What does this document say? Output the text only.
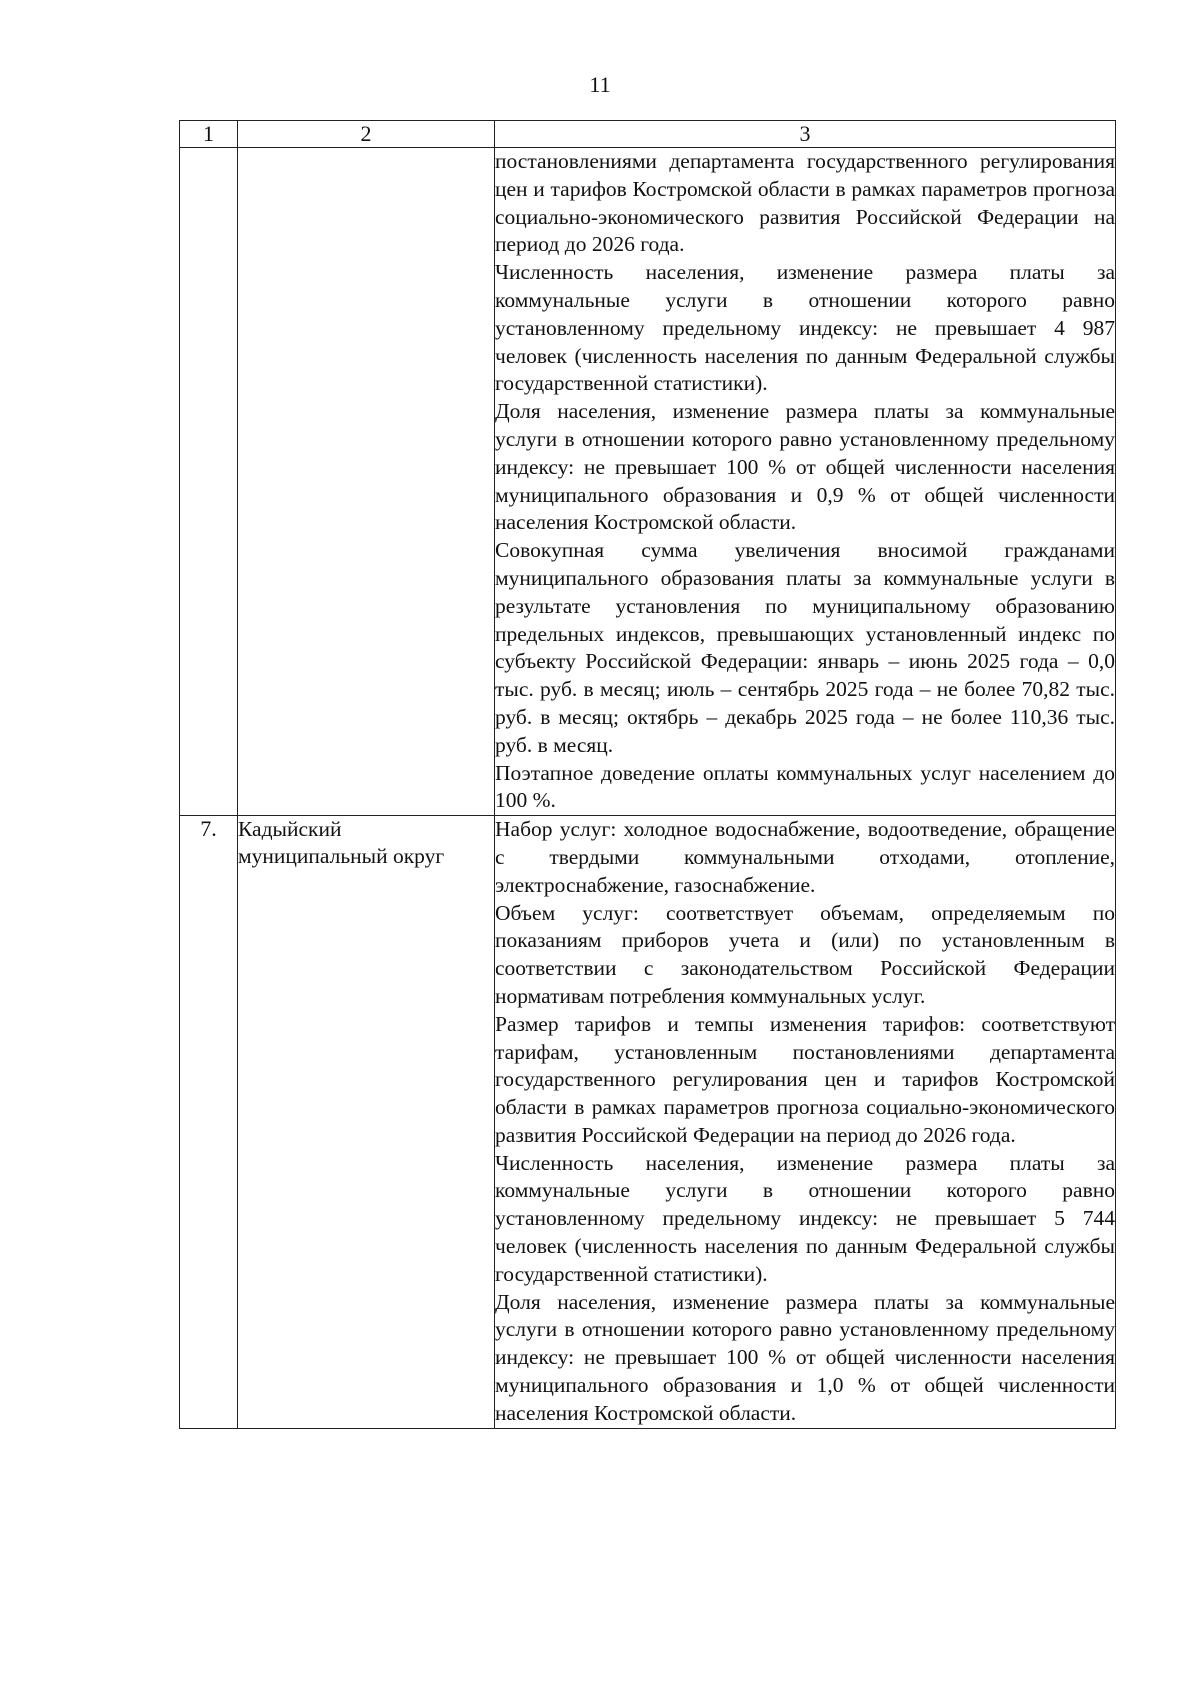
11
1	2	3

		постановлениями департамента государственного регулирования цен и тарифов Костромской области в рамках параметров прогноза социально-экономического развития Российской Федерации на период до 2026 года.

Численность населения, изменение размера платы за коммунальные услуги в отношении которого равно установленному предельному индексу: не превышает 4 987 человек (численность населения по данным Федеральной службы государственной статистики).

Доля населения, изменение размера платы за коммунальные услуги в отношении которого равно установленному предельному индексу: не превышает 100 % от общей численности населения муниципального образования и 0,9 % от общей численности населения Костромской области.

Совокупная сумма увеличения вносимой гражданами муниципального образования платы за коммунальные услуги в результате установления по муниципальному образованию предельных индексов, превышающих установленный индекс по субъекту Российской Федерации: январь – июнь 2025 года – 0,0 тыс. руб. в месяц; июль – сентябрь 2025 года – не более 70,82 тыс. руб. в месяц; октябрь – декабрь 2025 года – не более 110,36 тыс. руб. в месяц.

Поэтапное доведение оплаты коммунальных услуг населением до 100 %.

7.	Кадыйский муниципальный округ	Набор услуг: холодное водоснабжение, водоотведение, обращение с твердыми коммунальными отходами, отопление, электроснабжение, газоснабжение.

Объем услуг: соответствует объемам, определяемым по показаниям приборов учета и (или) по установленным в соответствии с законодательством Российской Федерации нормативам потребления коммунальных услуг.

Размер тарифов и темпы изменения тарифов: соответствуют тарифам, установленным постановлениями департамента государственного регулирования цен и тарифов Костромской области в рамках параметров прогноза социально-экономического развития Российской Федерации на период до 2026 года.

Численность населения, изменение размера платы за коммунальные услуги в отношении которого равно установленному предельному индексу: не превышает 5 744 человек (численность населения по данным Федеральной службы государственной статистики).

Доля населения, изменение размера платы за коммунальные услуги в отношении которого равно установленному предельному индексу: не превышает 100 % от общей численности населения муниципального образования и 1,0 % от общей численности населения Костромской области.
